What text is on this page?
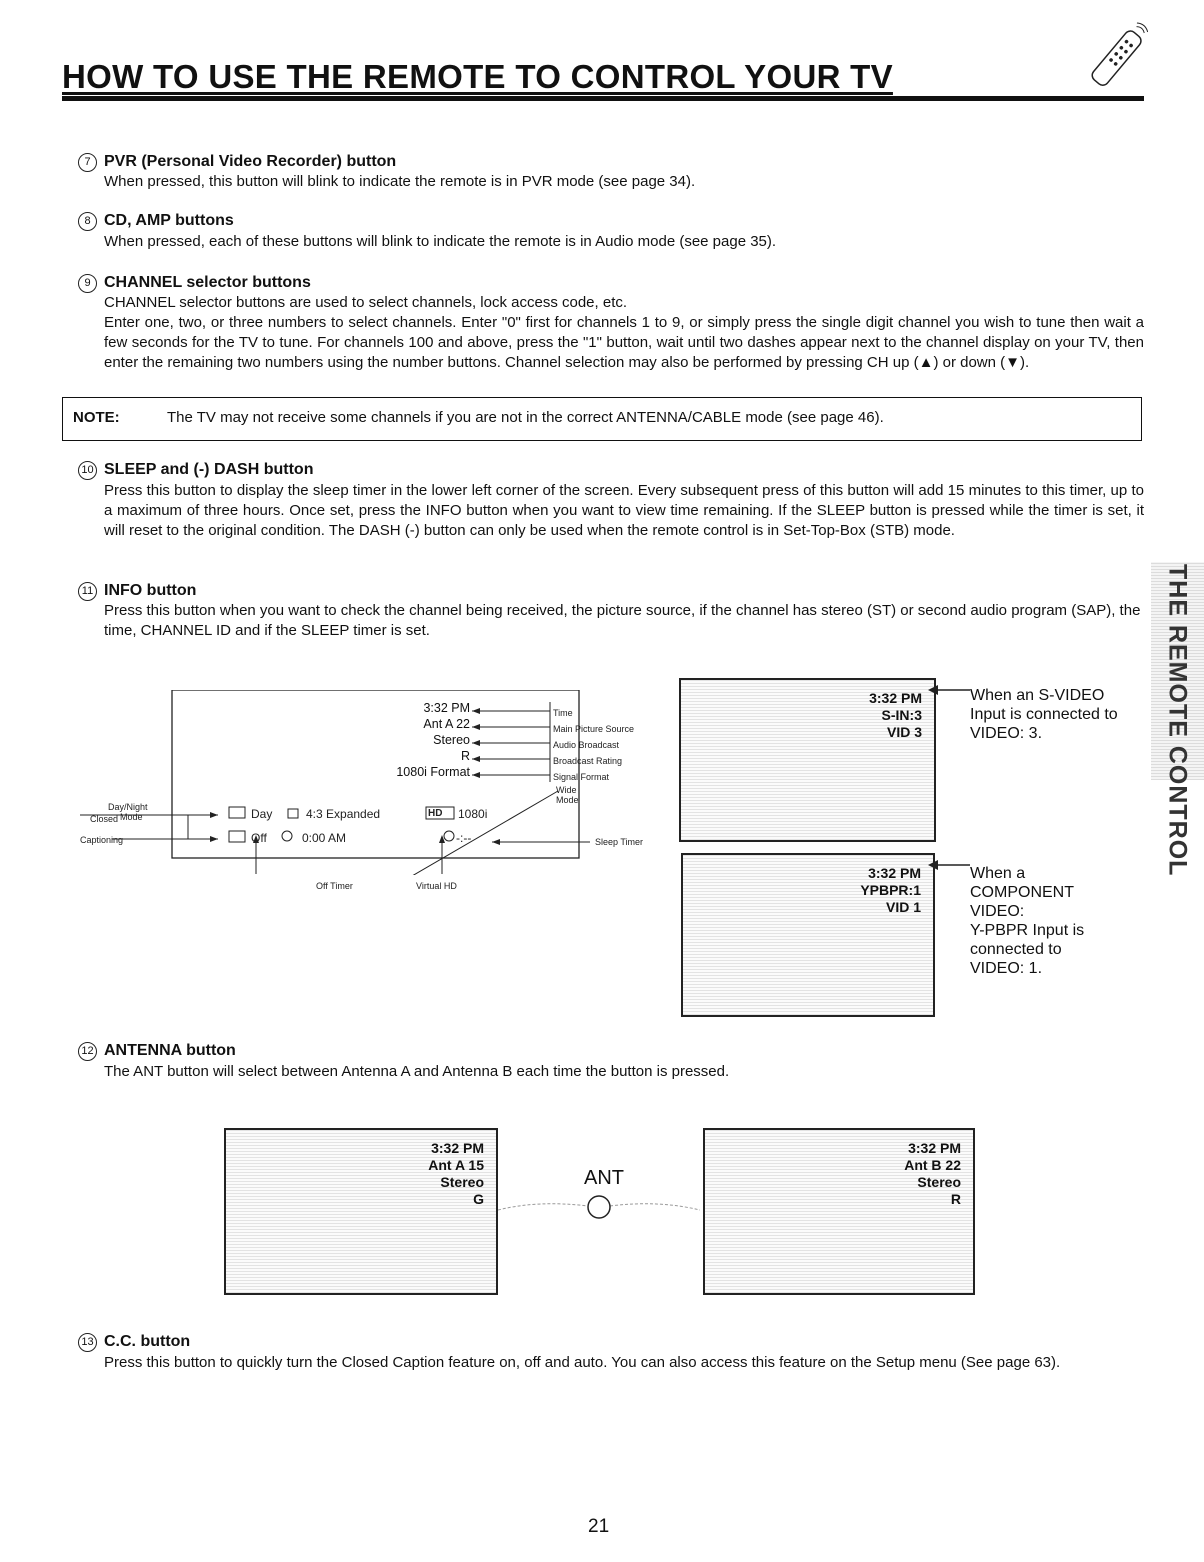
HOW TO USE THE REMOTE TO CONTROL YOUR TV
7 PVR (Personal Video Recorder) button
When pressed, this button will blink to indicate the remote is in PVR mode (see page 34).
8 CD, AMP buttons
When pressed, each of these buttons will blink to indicate the remote is in Audio mode (see page 35).
9 CHANNEL selector buttons
CHANNEL selector buttons are used to select channels, lock access code, etc.
Enter one, two, or three numbers to select channels. Enter "0" first for channels 1 to 9, or simply press the single digit channel you wish to tune then wait a few seconds for the TV to tune. For channels 100 and above, press the "1" button, wait until two dashes appear next to the channel display on your TV, then enter the remaining two numbers using the number buttons. Channel selection may also be performed by pressing CH up (▲) or down (▼).
NOTE:	The TV may not receive some channels if you are not in the correct ANTENNA/CABLE mode (see page 46).
10 SLEEP and (-) DASH button
Press this button to display the sleep timer in the lower left corner of the screen. Every subsequent press of this button will add 15 minutes to this timer, up to a maximum of three hours. Once set, press the INFO button when you want to view time remaining. If the SLEEP button is pressed while the timer is set, it will reset to the original condition. The DASH (-) button can only be used when the remote control is in Set-Top-Box (STB) mode.
11 INFO button
Press this button when you want to check the channel being received, the picture source, if the channel has stereo (ST) or second audio program (SAP), the time, CHANNEL ID and if the SLEEP timer is set.	THE REMOTE CONTROL
3:32 PM
Ant A 22
Stereo
R
1080i Format
Time
Main Picture Source
Audio Broadcast
Broadcast Rating
Signal Format
Wide
Mode
Day	4:3 Expanded	HD 1080i
Off	0:00 AM	-:--
Day/Night
Mode
Closed
Captioning	Sleep Timer
Off Timer	Virtual HD
3:32 PM
S-IN:3
VID 3
When an S-VIDEO
Input is connected to
VIDEO: 3.
3:32 PM
YPBPR:1
VID 1
When a
COMPONENT
VIDEO:
Y-PBPR Input is
connected to
VIDEO: 1.
12 ANTENNA button
The ANT button will select between Antenna A and Antenna B each time the button is pressed.
3:32 PM
Ant A 15
Stereo
G
3:32 PM
Ant B 22
Stereo
R
ANT
13 C.C. button
Press this button to quickly turn the Closed Caption feature on, off and auto. You can also access this feature on the Setup menu (See page 63).
21
